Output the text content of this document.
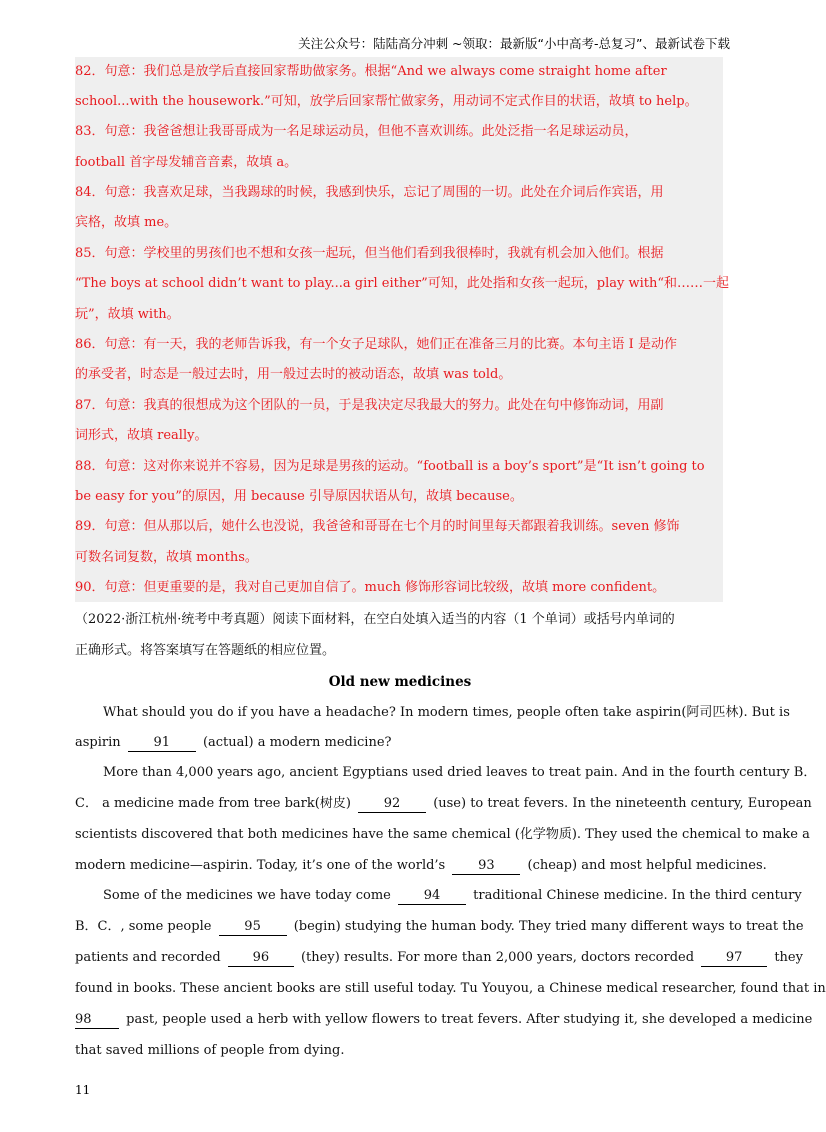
关注公众号：陆陆高分冲刺 ~领取：最新版“小中高考-总复习”、最新试卷下载
82．句意：我们总是放学后直接回家帮助做家务。根据“And we always come straight home after
school...with the housework.”可知，放学后回家帮忙做家务，用动词不定式作目的状语，故填 to help。
83．句意：我爸爸想让我哥哥成为一名足球运动员，但他不喜欢训练。此处泛指一名足球运动员，
football 首字母发辅音音素，故填 a。
84．句意：我喜欢足球，当我踢球的时候，我感到快乐，忘记了周围的一切。此处在介词后作宾语，用
宾格，故填 me。
85．句意：学校里的男孩们也不想和女孩一起玩，但当他们看到我很棒时，我就有机会加入他们。根据
“The boys at school didn’t want to play...a girl either”可知，此处指和女孩一起玩，play with“和……一起
玩”，故填 with。
86．句意：有一天，我的老师告诉我，有一个女子足球队，她们正在准备三月的比赛。本句主语 I 是动作
的承受者，时态是一般过去时，用一般过去时的被动语态，故填 was told。
87．句意：我真的很想成为这个团队的一员，于是我决定尽我最大的努力。此处在句中修饰动词，用副
词形式，故填 really。
88．句意：这对你来说并不容易，因为足球是男孩的运动。“football is a boy’s sport”是“It isn’t going to
be easy for you”的原因，用 because 引导原因状语从句，故填 because。
89．句意：但从那以后，她什么也没说，我爸爸和哥哥在七个月的时间里每天都跟着我训练。seven 修饰
可数名词复数，故填 months。
90．句意：但更重要的是，我对自己更加自信了。much 修饰形容词比较级，故填 more confident。
（2022·浙江杭州·统考中考真题）阅读下面材料，在空白处填入适当的内容（1 个单词）或括号内单词的
正确形式。将答案填写在答题纸的相应位置。
Old new medicines
What should you do if you have a headache? In modern times, people often take aspirin(阿司匹林). But is
aspirin	91	(actual) a modern medicine?
More than 4,000 years ago, ancient Egyptians used dried leaves to treat pain. And in the fourth century B．
C． a medicine made from tree bark(树皮)	92	(use) to treat fevers. In the nineteenth century, European
scientists discovered that both medicines have the same chemical (化学物质). They used the chemical to make a
modern medicine—aspirin. Today, it’s one of the world’s	93	(cheap) and most helpful medicines.
Some of the medicines we have today come	94	traditional Chinese medicine. In the third century
B．C．, some people	95	(begin) studying the human body. They tried many different ways to treat the
patients and recorded 96 (they) results. For more than 2,000 years, doctors recorded 97 they
found in books. These ancient books are still useful today. Tu Youyou, a Chinese medical researcher, found that in
98	past, people used a herb with yellow flowers to treat fevers. After studying it, she developed a medicine
that saved millions of people from dying.
11
